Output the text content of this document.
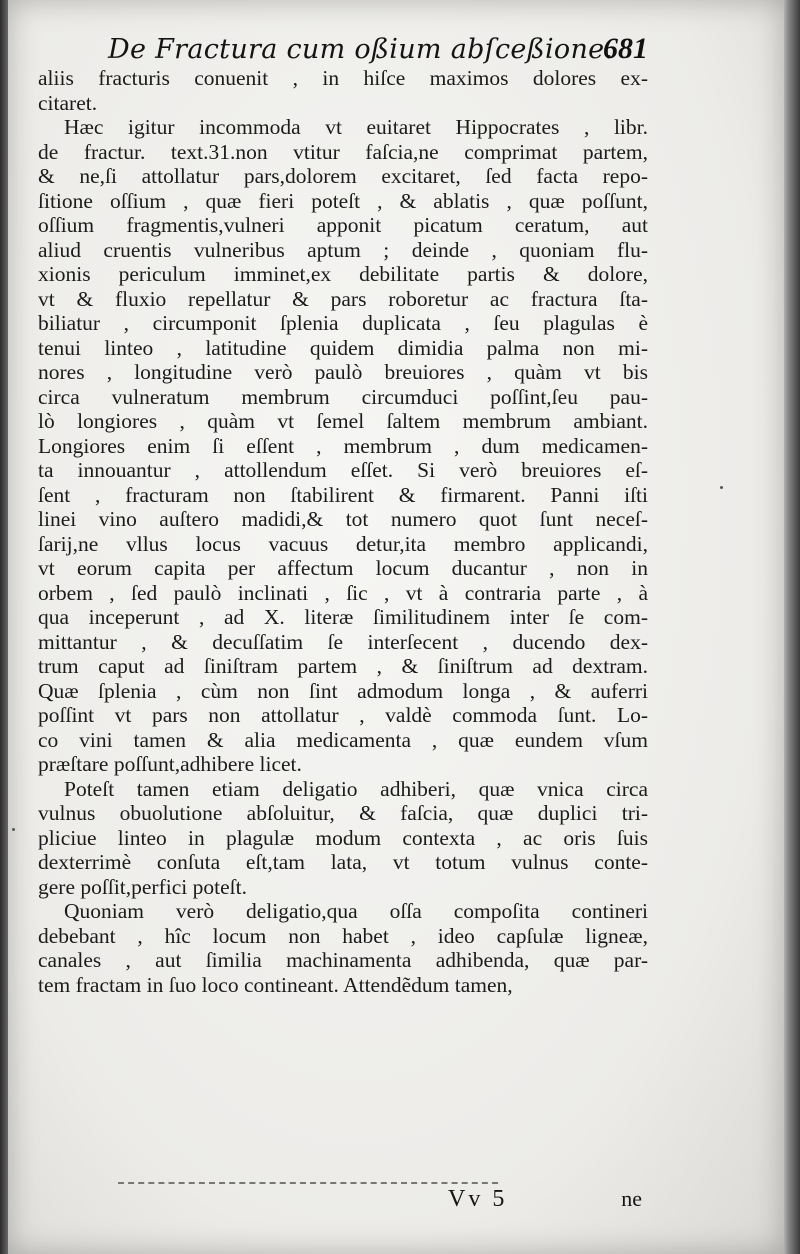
De Fractura cum oßium abſceßione.
681
aliis fracturis conuenit , in hiſce maximos dolores ex-
citaret.
Hæc igitur incommoda vt euitaret Hippocrates , libr.
de fractur. text.31.non vtitur faſcia,ne comprimat partem,
& ne,ſi attollatur pars,dolorem excitaret, ſed facta repo-
ſitione oſſium , quæ fieri poteſt , & ablatis , quæ poſſunt,
oſſium fragmentis,vulneri apponit picatum ceratum, aut
aliud cruentis vulneribus aptum ; deinde , quoniam flu-
xionis periculum imminet,ex debilitate partis & dolore,
vt & fluxio repellatur & pars roboretur ac fractura ſta-
biliatur , circumponit ſplenia duplicata , ſeu plagulas è
tenui linteo , latitudine quidem dimidia palma non mi-
nores , longitudine verò paulò breuiores , quàm vt bis
circa vulneratum membrum circumduci poſſint,ſeu pau-
lò longiores , quàm vt ſemel ſaltem membrum ambiant.
Longiores enim ſi eſſent , membrum , dum medicamen-
ta innouantur , attollendum eſſet. Si verò breuiores eſ-
ſent , fracturam non ſtabilirent & firmarent. Panni iſti
linei vino auſtero madidi,& tot numero quot ſunt neceſ-
ſarij,ne vllus locus vacuus detur,ita membro applicandi,
vt eorum capita per affectum locum ducantur , non in
orbem , ſed paulò inclinati , ſic , vt à contraria parte , à
qua inceperunt , ad X. literæ ſimilitudinem inter ſe com-
mittantur , & decuſſatim ſe interſecent , ducendo dex-
trum caput ad ſiniſtram partem , & ſiniſtrum ad dextram.
Quæ ſplenia , cùm non ſint admodum longa , & auferri
poſſint vt pars non attollatur , valdè commoda ſunt. Lo-
co vini tamen & alia medicamenta , quæ eundem vſum
præſtare poſſunt,adhibere licet.
Poteſt tamen etiam deligatio adhiberi, quæ vnica circa
vulnus obuolutione abſoluitur, & faſcia, quæ duplici tri-
pliciue linteo in plagulæ modum contexta , ac oris ſuis
dexterrimè conſuta eſt,tam lata, vt totum vulnus conte-
gere poſſit,perfici poteſt.
Quoniam verò deligatio,qua oſſa compoſita contineri
debebant , hîc locum non habet , ideo capſulæ ligneæ,
canales , aut ſimilia machinamenta adhibenda, quæ par-
tem fractam in ſuo loco contineant. Attendẽdum tamen,
Vv 5	ne
